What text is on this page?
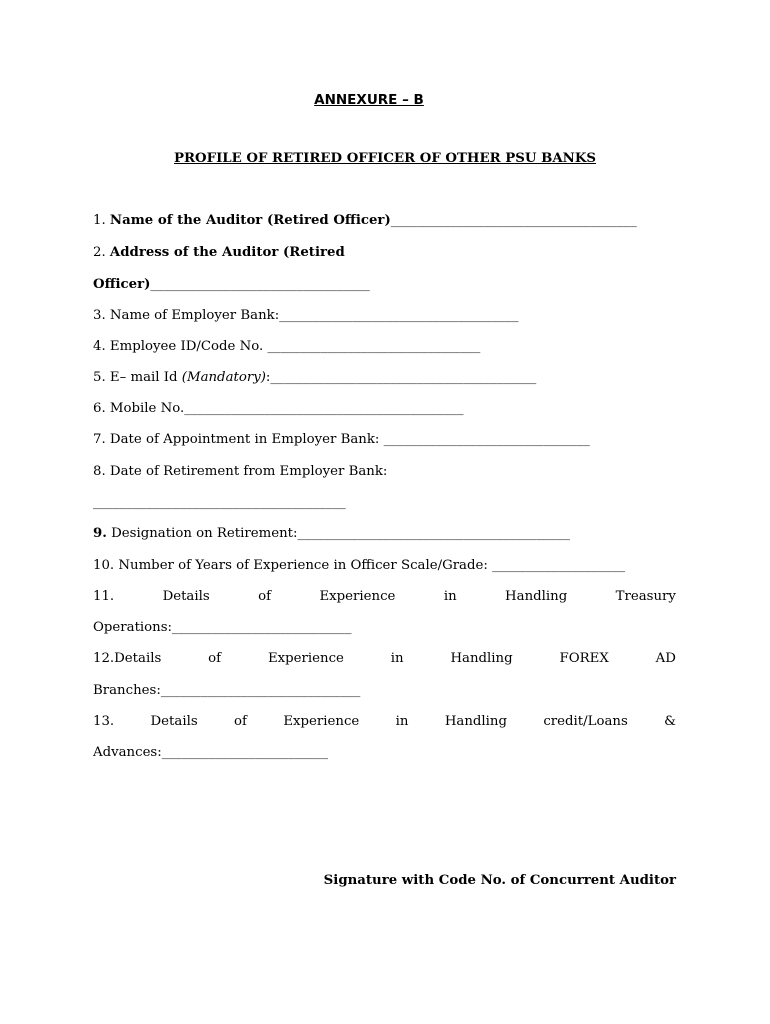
ANNEXURE – B
PROFILE OF RETIRED OFFICER OF OTHER PSU BANKS
1. Name of the Auditor (Retired Officer)_____________________________________
2. Address of the Auditor (Retired
Officer)_________________________________
3. Name of Employer Bank:____________________________________
4. Employee ID/Code No. ________________________________
5. E– mail Id (Mandatory):________________________________________
6. Mobile No.__________________________________________
7. Date of Appointment in Employer Bank: _______________________________
8. Date of Retirement from Employer Bank:
______________________________________
9. Designation on Retirement:_________________________________________
10. Number of Years of Experience in Officer Scale/Grade: ____________________
11.	Details	of	Experience	in	Handling	Treasury
Operations:___________________________
12.Details	of	Experience	in	Handling	FOREX	AD
Branches:______________________________
13.	Details	of	Experience	in	Handling	credit/Loans	&
Advances:_________________________
Signature with Code No. of Concurrent Auditor
